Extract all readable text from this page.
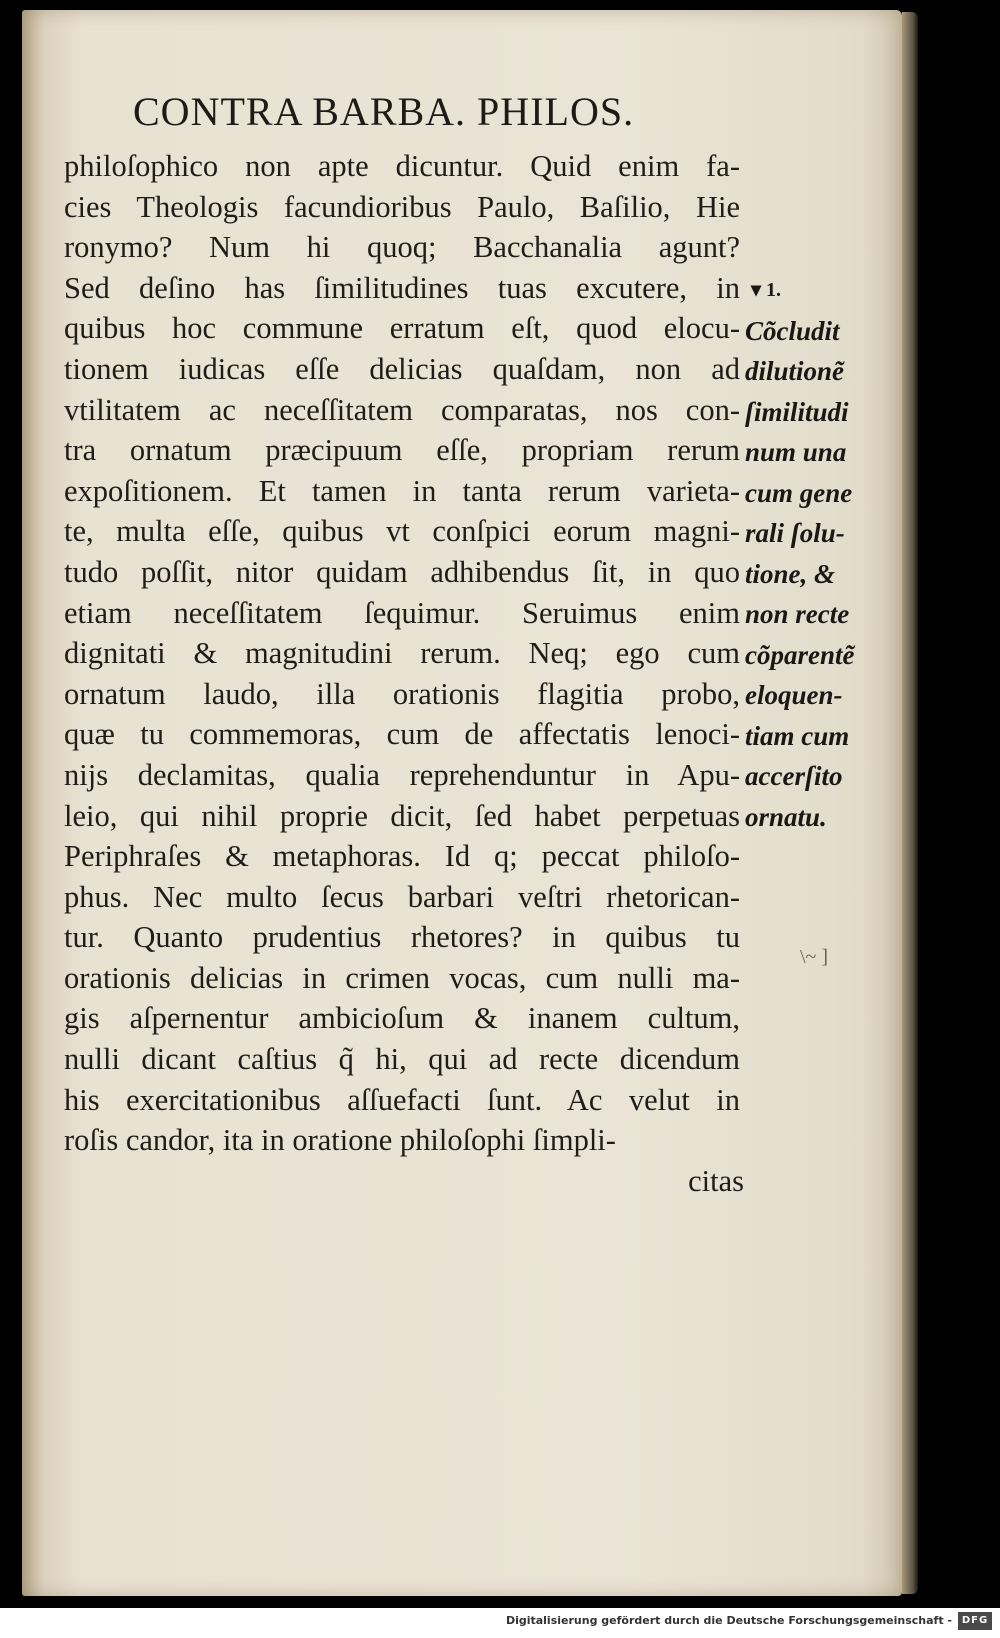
CONTRA BARBA. PHILOS.
philoſophico non apte dicuntur. Quid enim fa-
cies Theologis facundioribus Paulo, Baſilio, Hie
ronymo? Num hi quoq; Bacchanalia agunt?
Sed deſino has ſimilitudines tuas excutere, in
quibus hoc commune erratum eſt, quod elocu-
tionem iudicas eſſe delicias quaſdam, non ad
vtilitatem ac neceſſitatem comparatas, nos con-
tra ornatum præcipuum eſſe, propriam rerum
expoſitionem. Et tamen in tanta rerum varieta-
te, multa eſſe, quibus vt conſpici eorum magni-
tudo poſſit, nitor quidam adhibendus ſit, in quo
etiam neceſſitatem ſequimur. Seruimus enim
dignitati & magnitudini rerum. Neq; ego cum
ornatum laudo, illa orationis flagitia probo,
quæ tu commemoras, cum de affectatis lenoci-
nijs declamitas, qualia reprehenduntur in Apu-
leio, qui nihil proprie dicit, ſed habet perpetuas
Periphraſes & metaphoras. Id q; peccat philoſo-
phus. Nec multo ſecus barbari veſtri rhetorican-
tur. Quanto prudentius rhetores? in quibus tu
orationis delicias in crimen vocas, cum nulli ma-
gis aſpernentur ambicioſum & inanem cultum,
nulli dicant caſtius q̃ hi, qui ad recte dicendum
his exercitationibus aſſuefacti ſunt. Ac velut in
roſis candor, ita in oratione philoſophi ſimpli-
citas
▾ 1.
Cõcludit
dilutionẽ
ſimilitudi
num una
cum gene
rali ſolu-
tione, &
non recte
cõparentẽ
eloquen-
tiam cum
accerſito
ornatu.
\~ ]
Digitalisierung gefördert durch die Deutsche Forschungsgemeinschaft - DFG
